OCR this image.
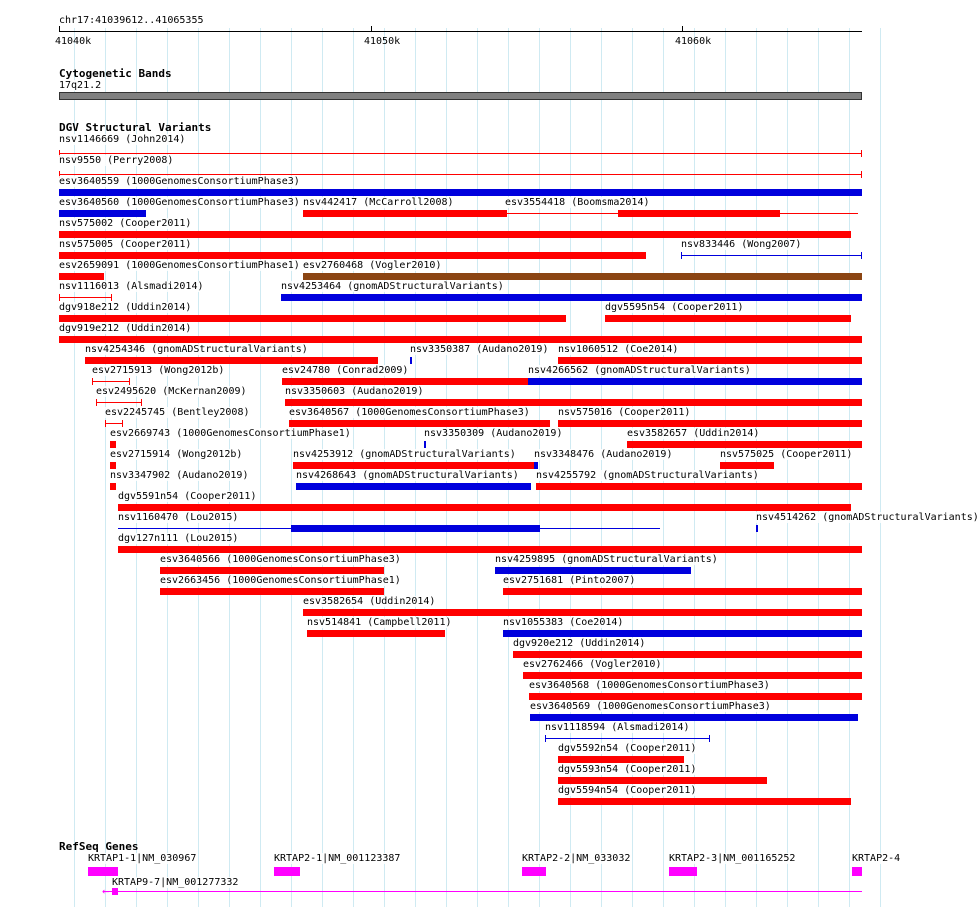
chr17:41039612..41065355
41040k	41050k	41060k
Cytogenetic Bands
17q21.2
DGV Structural Variants
nsv1146669 (John2014)
nsv9550 (Perry2008)
esv3640559 (1000GenomesConsortiumPhase3)
esv3640560 (1000GenomesConsortiumPhase3) nsv442417 (McCarroll2008)	esv3554418 (Boomsma2014)
nsv575002 (Cooper2011)
nsv575005 (Cooper2011)	nsv833446 (Wong2007)
esv2659091 (1000GenomesConsortiumPhase1) esv2760468 (Vogler2010)
nsv1116013 (Alsmadi2014)	nsv4253464 (gnomADStructuralVariants)
dgv918e212 (Uddin2014)	dgv5595n54 (Cooper2011)
dgv919e212 (Uddin2014)
nsv4254346 (gnomADStructuralVariants)	nsv3350387 (Audano2019) nsv1060512 (Coe2014)
esv2715913 (Wong2012b)	esv24780 (Conrad2009)	nsv4266562 (gnomADStructuralVariants)
esv2495620 (McKernan2009)	nsv3350603 (Audano2019)
esv2245745 (Bentley2008)	esv3640567 (1000GenomesConsortiumPhase3)	nsv575016 (Cooper2011)
esv2669743 (1000GenomesConsortiumPhase1)	nsv3350309 (Audano2019)	esv3582657 (Uddin2014)
esv2715914 (Wong2012b)	nsv4253912 (gnomADStructuralVariants) nsv3348476 (Audano2019)	nsv575025 (Cooper2011)
nsv3347902 (Audano2019)	nsv4268643 (gnomADStructuralVariants) nsv4255792 (gnomADStructuralVariants)
dgv5591n54 (Cooper2011)
nsv1160470 (Lou2015)	nsv4514262 (gnomADStructuralVariants)
dgv127n111 (Lou2015)
esv3640566 (1000GenomesConsortiumPhase3)	nsv4259895 (gnomADStructuralVariants)
esv2663456 (1000GenomesConsortiumPhase1)	esv2751681 (Pinto2007)
esv3582654 (Uddin2014)
nsv514841 (Campbell2011)	nsv1055383 (Coe2014)
dgv920e212 (Uddin2014)
esv2762466 (Vogler2010)
esv3640568 (1000GenomesConsortiumPhase3)
esv3640569 (1000GenomesConsortiumPhase3)
nsv1118594 (Alsmadi2014)
dgv5592n54 (Cooper2011)
dgv5593n54 (Cooper2011)
dgv5594n54 (Cooper2011)
RefSeq Genes
KRTAP1-1|NM_030967	KRTAP2-1|NM_001123387	KRTAP2-2|NM_033032	KRTAP2-3|NM_001165252	KRTAP2-4
KRTAP9-7|NM_001277332
←
